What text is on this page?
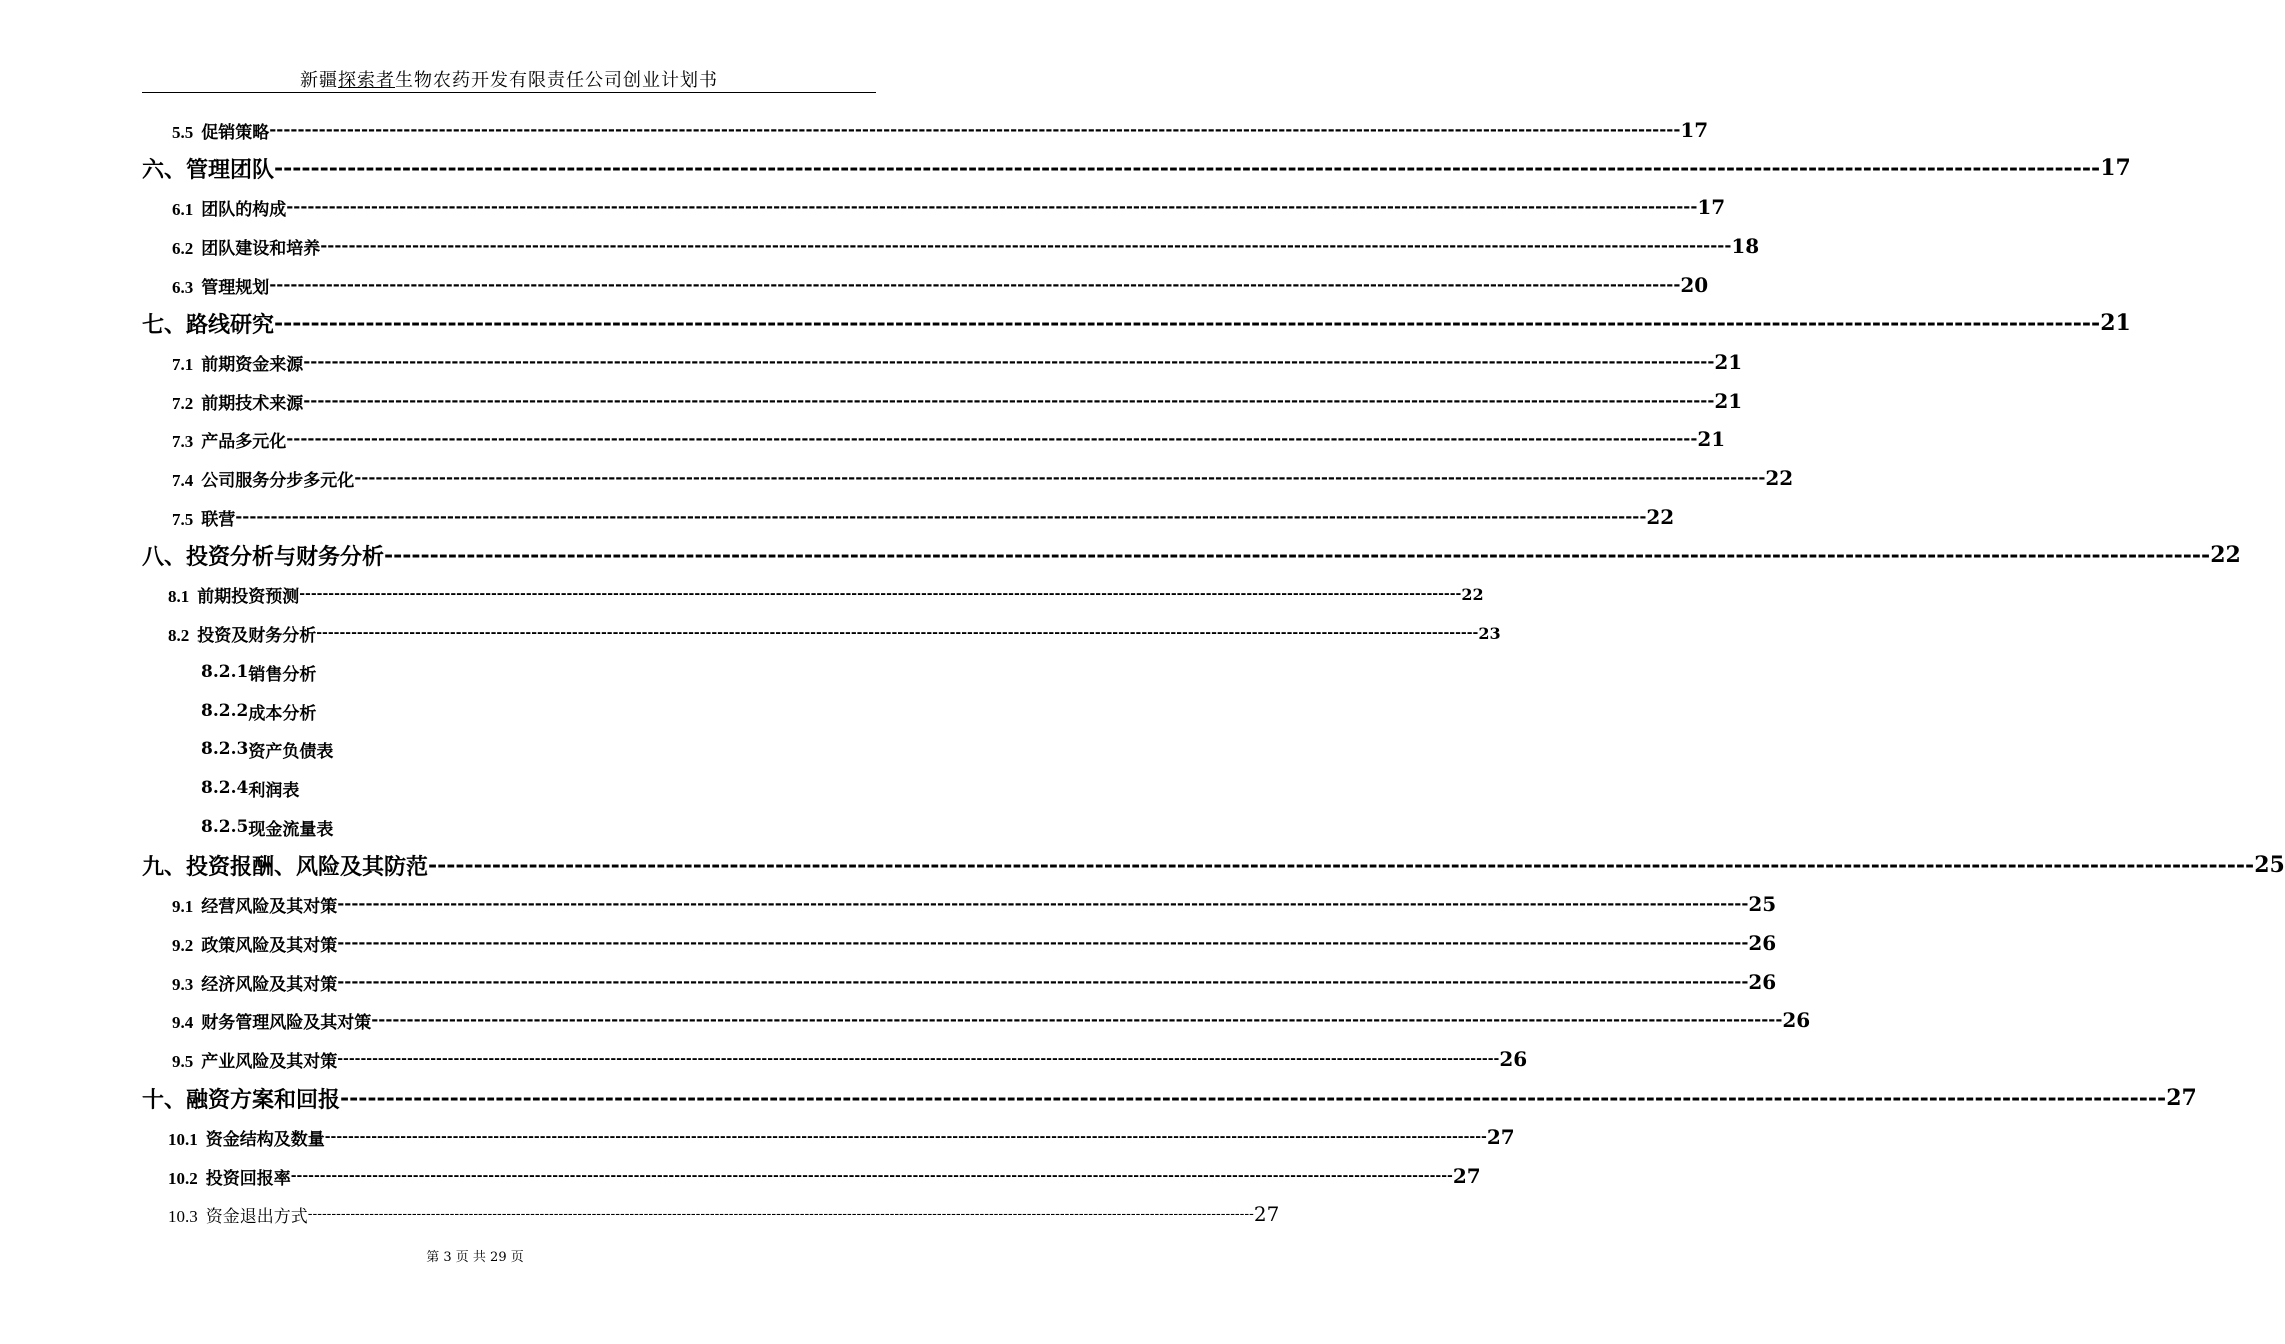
新疆探索者生物农药开发有限责任公司创业计划书
5.5 促销策略 -------------------------------------------------------------------------------------------------------------------------------------------------------------------------------------------------------- 17
六、管理团队 -------------------------------------------------------------------------------------------------------------------------------------------------------------------------------------------------------- 17
6.1 团队的构成 -------------------------------------------------------------------------------------------------------------------------------------------------------------------------------------------------------- 17
6.2 团队建设和培养 -------------------------------------------------------------------------------------------------------------------------------------------------------------------------------------------------------- 18
6.3 管理规划 -------------------------------------------------------------------------------------------------------------------------------------------------------------------------------------------------------- 20
七、路线研究 -------------------------------------------------------------------------------------------------------------------------------------------------------------------------------------------------------- 21
7.1 前期资金来源 -------------------------------------------------------------------------------------------------------------------------------------------------------------------------------------------------------- 21
7.2 前期技术来源 -------------------------------------------------------------------------------------------------------------------------------------------------------------------------------------------------------- 21
7.3 产品多元化 -------------------------------------------------------------------------------------------------------------------------------------------------------------------------------------------------------- 21
7.4 公司服务分步多元化 -------------------------------------------------------------------------------------------------------------------------------------------------------------------------------------------------------- 22
7.5 联营 -------------------------------------------------------------------------------------------------------------------------------------------------------------------------------------------------------- 22
八、投资分析与财务分析 -------------------------------------------------------------------------------------------------------------------------------------------------------------------------------------------------------- 22
8.1 前期投资预测 -------------------------------------------------------------------------------------------------------------------------------------------------------------------------------------------------------- 22
8.2 投资及财务分析 -------------------------------------------------------------------------------------------------------------------------------------------------------------------------------------------------------- 23
8.2.1 销售分析
8.2.2 成本分析
8.2.3 资产负债表
8.2.4 利润表
8.2.5 现金流量表
九、投资报酬、风险及其防范 -------------------------------------------------------------------------------------------------------------------------------------------------------------------------------------------------------- 25
9.1 经营风险及其对策 -------------------------------------------------------------------------------------------------------------------------------------------------------------------------------------------------------- 25
9.2 政策风险及其对策 -------------------------------------------------------------------------------------------------------------------------------------------------------------------------------------------------------- 26
9.3 经济风险及其对策 -------------------------------------------------------------------------------------------------------------------------------------------------------------------------------------------------------- 26
9.4 财务管理风险及其对策 -------------------------------------------------------------------------------------------------------------------------------------------------------------------------------------------------------- 26
9.5 产业风险及其对策 -------------------------------------------------------------------------------------------------------------------------------------------------------------------------------------------------------- 26
十、融资方案和回报 -------------------------------------------------------------------------------------------------------------------------------------------------------------------------------------------------------- 27
10.1 资金结构及数量 -------------------------------------------------------------------------------------------------------------------------------------------------------------------------------------------------------- 27
10.2 投资回报率 -------------------------------------------------------------------------------------------------------------------------------------------------------------------------------------------------------- 27
10.3 资金退出方式 -------------------------------------------------------------------------------------------------------------------------------------------------------------------------------------------------------- 27
第 3 页 共 29 页
